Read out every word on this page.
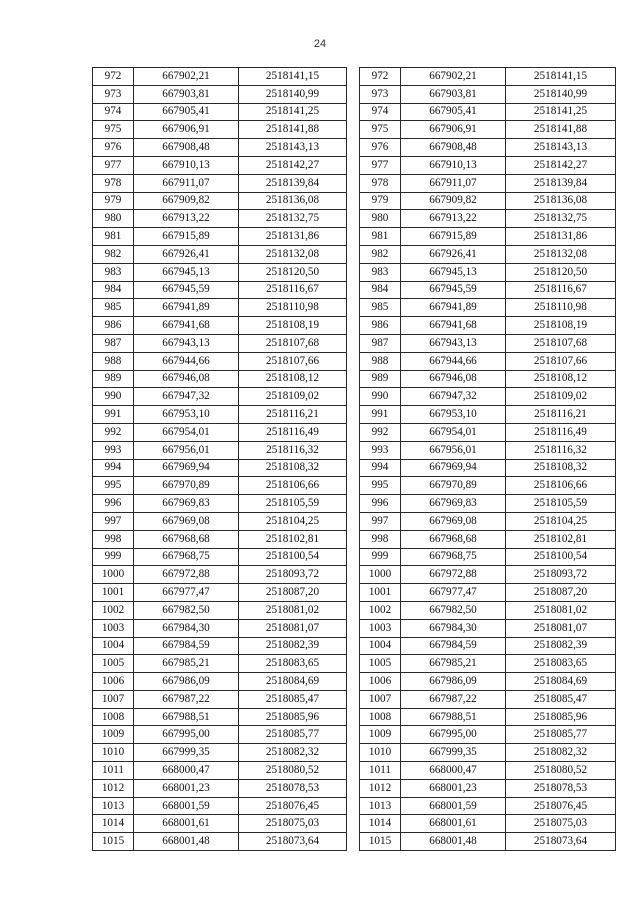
24
972	667902,21	2518141,15
973	667903,81	2518140,99
974	667905,41	2518141,25
975	667906,91	2518141,88
976	667908,48	2518143,13
977	667910,13	2518142,27
978	667911,07	2518139,84
979	667909,82	2518136,08
980	667913,22	2518132,75
981	667915,89	2518131,86
982	667926,41	2518132,08
983	667945,13	2518120,50
984	667945,59	2518116,67
985	667941,89	2518110,98
986	667941,68	2518108,19
987	667943,13	2518107,68
988	667944,66	2518107,66
989	667946,08	2518108,12
990	667947,32	2518109,02
991	667953,10	2518116,21
992	667954,01	2518116,49
993	667956,01	2518116,32
994	667969,94	2518108,32
995	667970,89	2518106,66
996	667969,83	2518105,59
997	667969,08	2518104,25
998	667968,68	2518102,81
999	667968,75	2518100,54
1000	667972,88	2518093,72
1001	667977,47	2518087,20
1002	667982,50	2518081,02
1003	667984,30	2518081,07
1004	667984,59	2518082,39
1005	667985,21	2518083,65
1006	667986,09	2518084,69
1007	667987,22	2518085,47
1008	667988,51	2518085,96
1009	667995,00	2518085,77
1010	667999,35	2518082,32
1011	668000,47	2518080,52
1012	668001,23	2518078,53
1013	668001,59	2518076,45
1014	668001,61	2518075,03
1015	668001,48	2518073,64
972	667902,21	2518141,15
973	667903,81	2518140,99
974	667905,41	2518141,25
975	667906,91	2518141,88
976	667908,48	2518143,13
977	667910,13	2518142,27
978	667911,07	2518139,84
979	667909,82	2518136,08
980	667913,22	2518132,75
981	667915,89	2518131,86
982	667926,41	2518132,08
983	667945,13	2518120,50
984	667945,59	2518116,67
985	667941,89	2518110,98
986	667941,68	2518108,19
987	667943,13	2518107,68
988	667944,66	2518107,66
989	667946,08	2518108,12
990	667947,32	2518109,02
991	667953,10	2518116,21
992	667954,01	2518116,49
993	667956,01	2518116,32
994	667969,94	2518108,32
995	667970,89	2518106,66
996	667969,83	2518105,59
997	667969,08	2518104,25
998	667968,68	2518102,81
999	667968,75	2518100,54
1000	667972,88	2518093,72
1001	667977,47	2518087,20
1002	667982,50	2518081,02
1003	667984,30	2518081,07
1004	667984,59	2518082,39
1005	667985,21	2518083,65
1006	667986,09	2518084,69
1007	667987,22	2518085,47
1008	667988,51	2518085,96
1009	667995,00	2518085,77
1010	667999,35	2518082,32
1011	668000,47	2518080,52
1012	668001,23	2518078,53
1013	668001,59	2518076,45
1014	668001,61	2518075,03
1015	668001,48	2518073,64
